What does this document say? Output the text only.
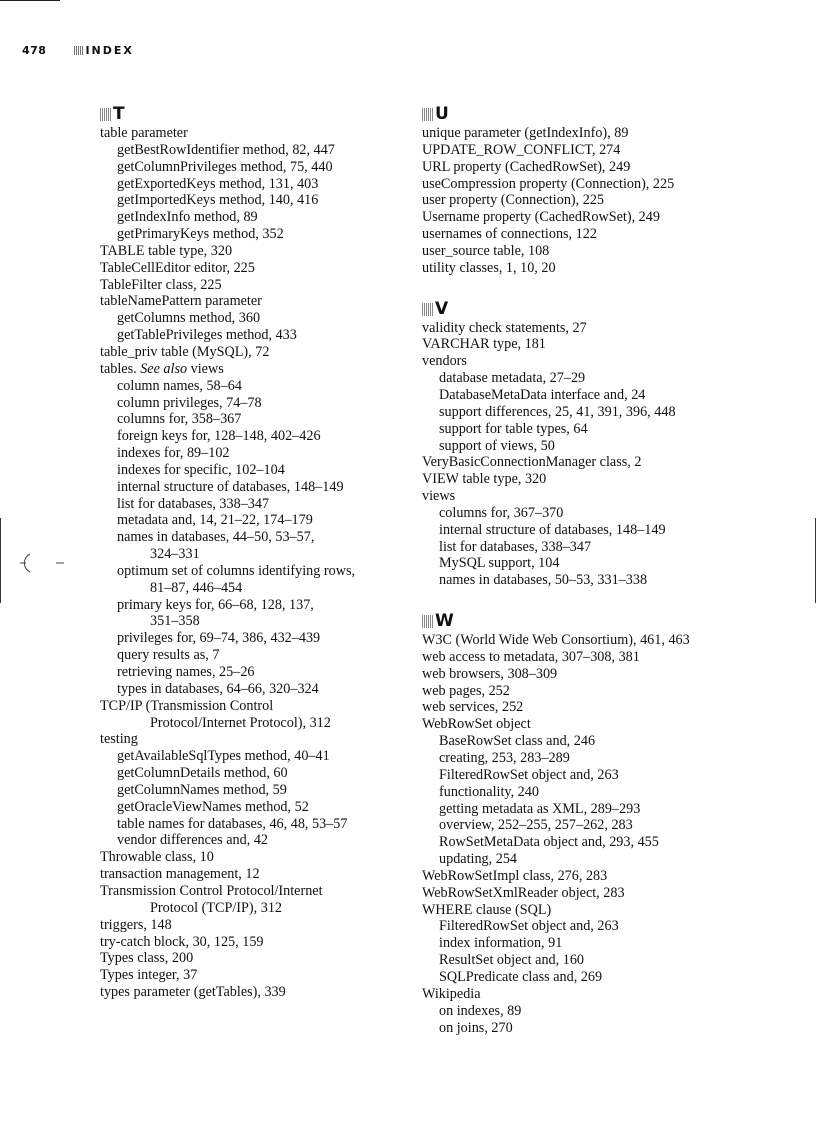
478	INDEX
T
table parameter
getBestRowIdentifier method, 82, 447
getColumnPrivileges method, 75, 440
getExportedKeys method, 131, 403
getImportedKeys method, 140, 416
getIndexInfo method, 89
getPrimaryKeys method, 352
TABLE table type, 320
TableCellEditor editor, 225
TableFilter class, 225
tableNamePattern parameter
getColumns method, 360
getTablePrivileges method, 433
table_priv table (MySQL), 72
tables. See also views
column names, 58–64
column privileges, 74–78
columns for, 358–367
foreign keys for, 128–148, 402–426
indexes for, 89–102
indexes for specific, 102–104
internal structure of databases, 148–149
list for databases, 338–347
metadata and, 14, 21–22, 174–179
names in databases, 44–50, 53–57,
324–331
optimum set of columns identifying rows,
81–87, 446–454
primary keys for, 66–68, 128, 137,
351–358
privileges for, 69–74, 386, 432–439
query results as, 7
retrieving names, 25–26
types in databases, 64–66, 320–324
TCP/IP (Transmission Control
Protocol/Internet Protocol), 312
testing
getAvailableSqlTypes method, 40–41
getColumnDetails method, 60
getColumnNames method, 59
getOracleViewNames method, 52
table names for databases, 46, 48, 53–57
vendor differences and, 42
Throwable class, 10
transaction management, 12
Transmission Control Protocol/Internet
Protocol (TCP/IP), 312
triggers, 148
try-catch block, 30, 125, 159
Types class, 200
Types integer, 37
types parameter (getTables), 339
U
unique parameter (getIndexInfo), 89
UPDATE_ROW_CONFLICT, 274
URL property (CachedRowSet), 249
useCompression property (Connection), 225
user property (Connection), 225
Username property (CachedRowSet), 249
usernames of connections, 122
user_source table, 108
utility classes, 1, 10, 20
V
validity check statements, 27
VARCHAR type, 181
vendors
database metadata, 27–29
DatabaseMetaData interface and, 24
support differences, 25, 41, 391, 396, 448
support for table types, 64
support of views, 50
VeryBasicConnectionManager class, 2
VIEW table type, 320
views
columns for, 367–370
internal structure of databases, 148–149
list for databases, 338–347
MySQL support, 104
names in databases, 50–53, 331–338
W
W3C (World Wide Web Consortium), 461, 463
web access to metadata, 307–308, 381
web browsers, 308–309
web pages, 252
web services, 252
WebRowSet object
BaseRowSet class and, 246
creating, 253, 283–289
FilteredRowSet object and, 263
functionality, 240
getting metadata as XML, 289–293
overview, 252–255, 257–262, 283
RowSetMetaData object and, 293, 455
updating, 254
WebRowSetImpl class, 276, 283
WebRowSetXmlReader object, 283
WHERE clause (SQL)
FilteredRowSet object and, 263
index information, 91
ResultSet object and, 160
SQLPredicate class and, 269
Wikipedia
on indexes, 89
on joins, 270
